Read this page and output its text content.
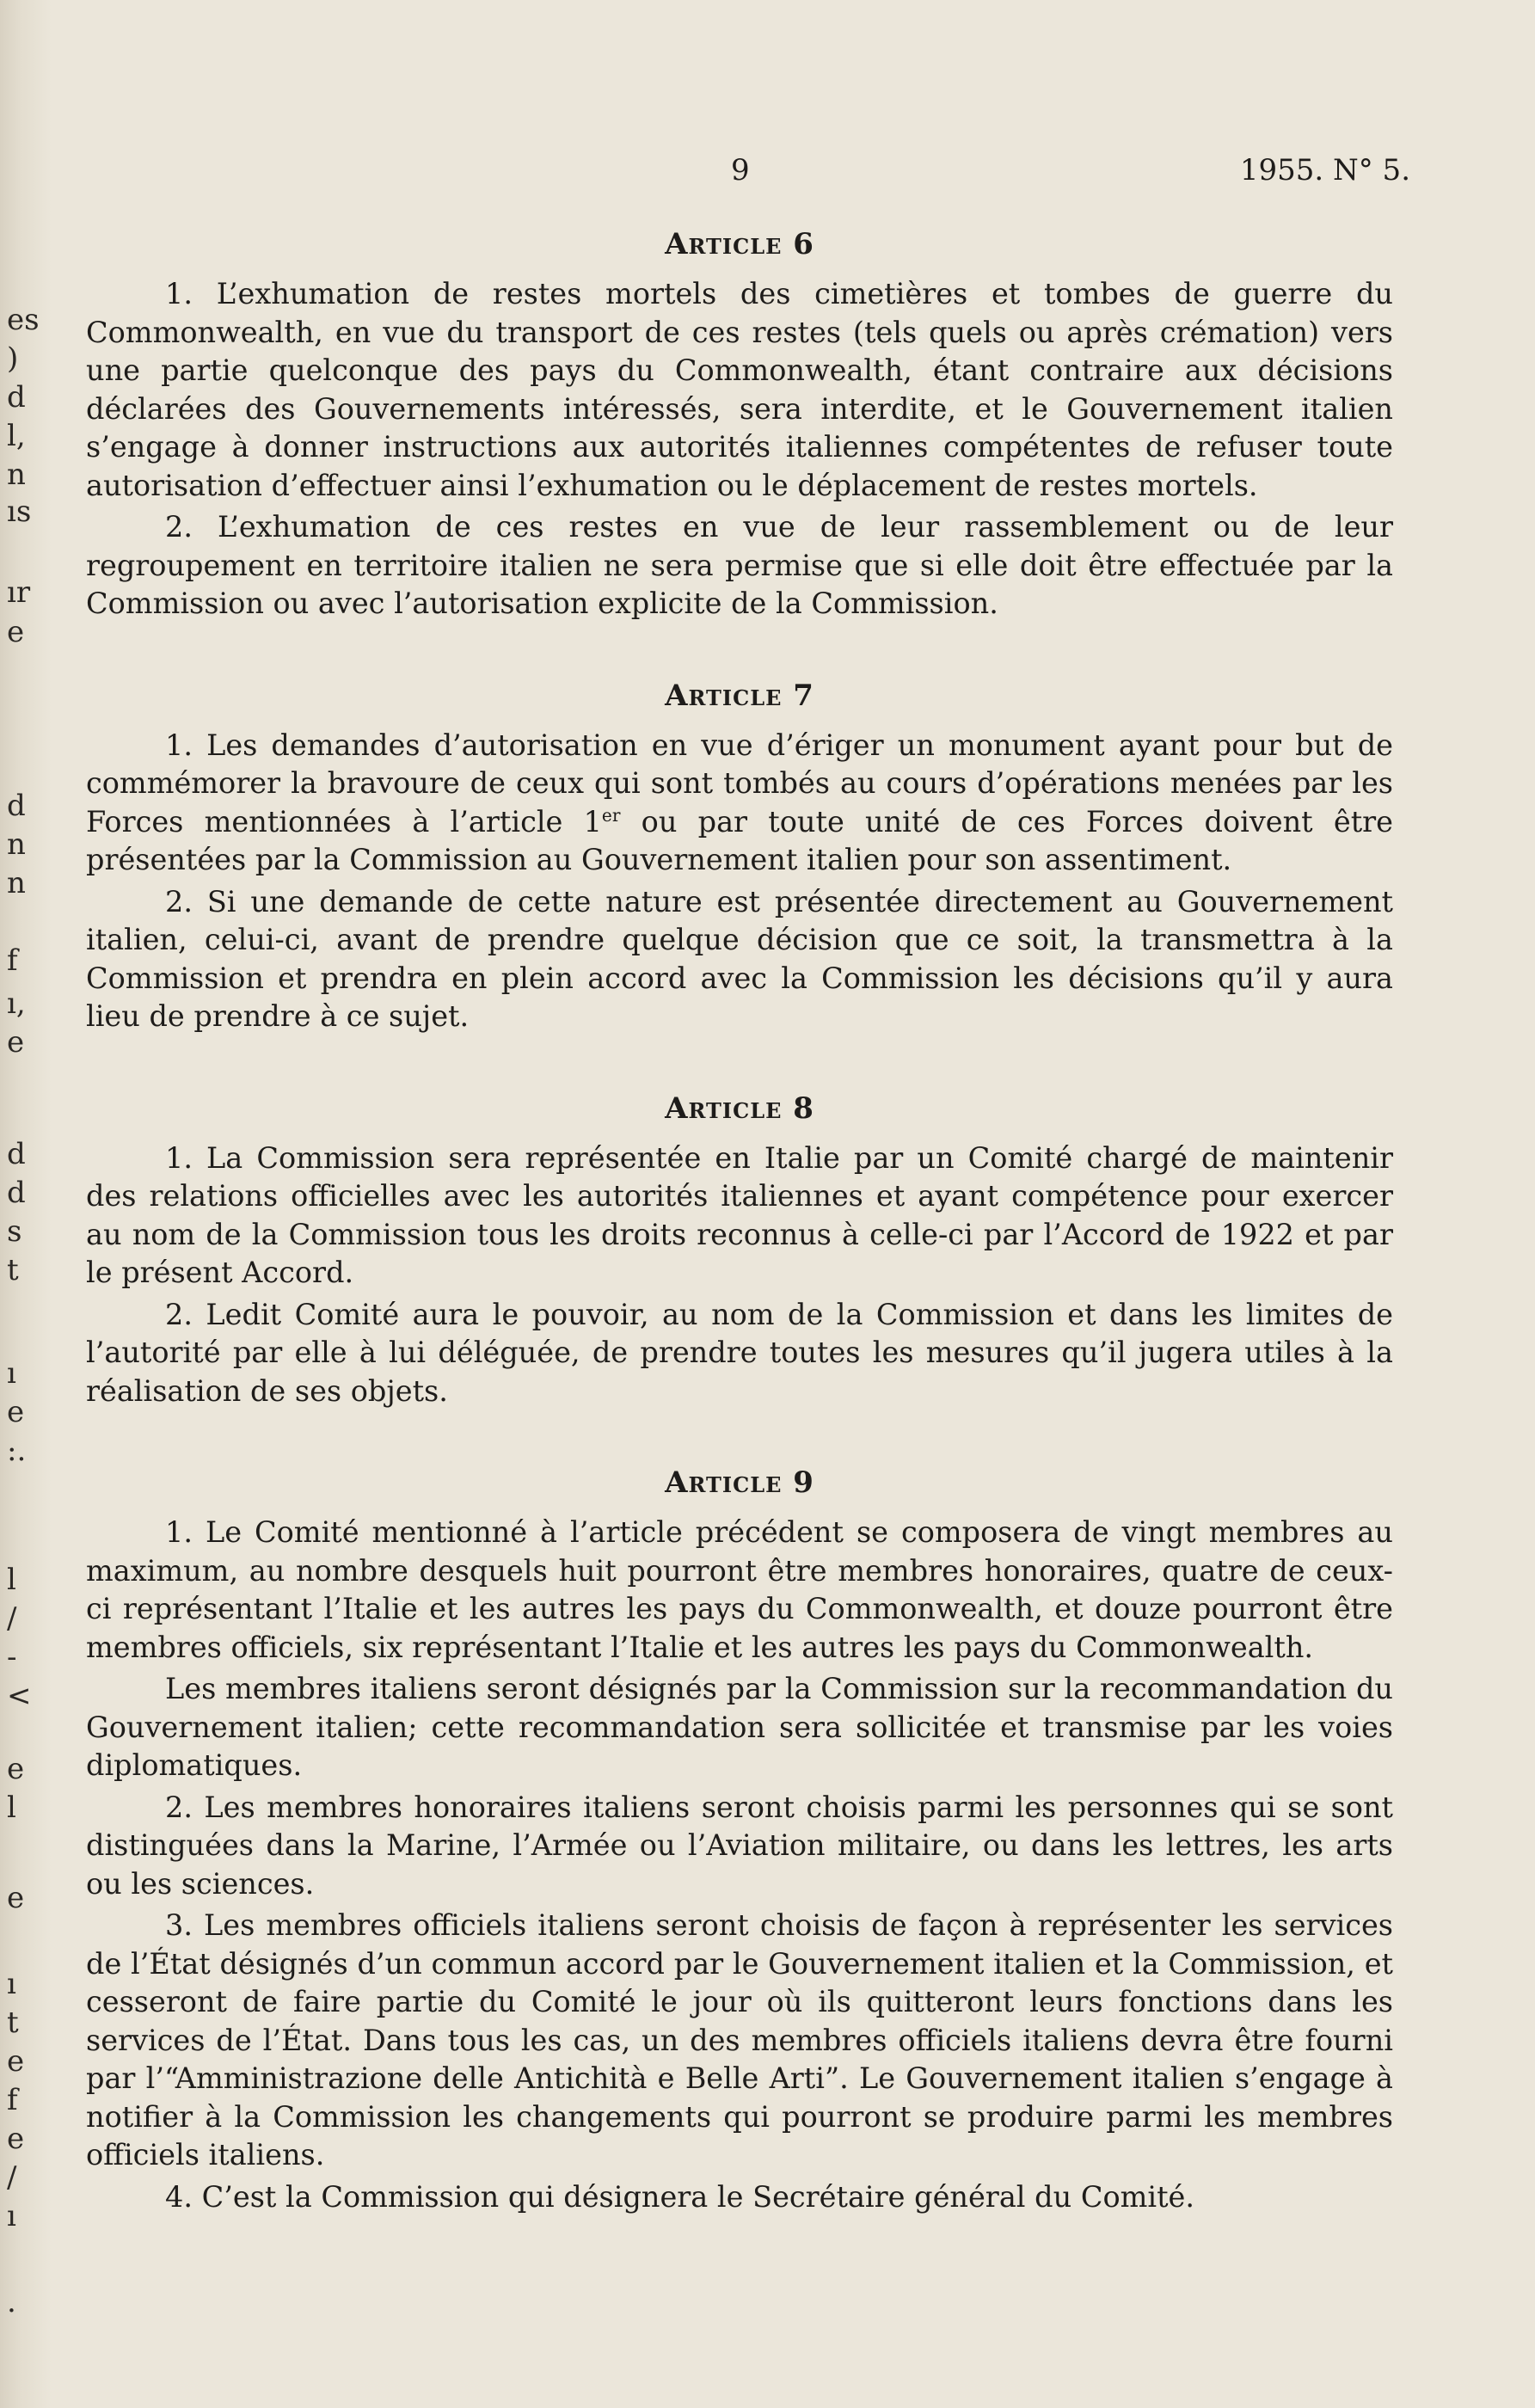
es
)
d
l,
n
ıs
ır
e
d
n
n
f
ı,
e
d
d
s
t
ı
e
:.
l
/
-
<
e
l
e
ı
t
e
f
e
/
ı
.
9	1955. N° 5.
Article 6

1. L’exhumation de restes mortels des cimetières et tombes de guerre du Commonwealth, en vue du transport de ces restes (tels quels ou après crémation) vers une partie quelconque des pays du Commonwealth, étant contraire aux décisions déclarées des Gouvernements intéressés, sera interdite, et le Gouvernement italien s’engage à donner instructions aux autorités italiennes compétentes de refuser toute autorisation d’effectuer ainsi l’exhumation ou le déplacement de restes mortels.

2. L’exhumation de ces restes en vue de leur rassemblement ou de leur regroupement en territoire italien ne sera permise que si elle doit être effectuée par la Commission ou avec l’autorisation explicite de la Commission.

Article 7

1. Les demandes d’autorisation en vue d’ériger un monument ayant pour but de commémorer la bravoure de ceux qui sont tombés au cours d’opérations menées par les Forces mentionnées à l’article 1er ou par toute unité de ces Forces doivent être présentées par la Commission au Gouvernement italien pour son assentiment.

2. Si une demande de cette nature est présentée directement au Gouvernement italien, celui-ci, avant de prendre quelque décision que ce soit, la transmettra à la Commission et prendra en plein accord avec la Commission les décisions qu’il y aura lieu de prendre à ce sujet.

Article 8

1. La Commission sera représentée en Italie par un Comité chargé de maintenir des relations officielles avec les autorités italiennes et ayant compétence pour exercer au nom de la Commission tous les droits reconnus à celle-ci par l’Accord de 1922 et par le présent Accord.

2. Ledit Comité aura le pouvoir, au nom de la Commission et dans les limites de l’autorité par elle à lui déléguée, de prendre toutes les mesures qu’il jugera utiles à la réalisation de ses objets.

Article 9

1. Le Comité mentionné à l’article précédent se composera de vingt membres au maximum, au nombre desquels huit pourront être membres honoraires, quatre de ceux-ci représentant l’Italie et les autres les pays du Commonwealth, et douze pourront être membres officiels, six représentant l’Italie et les autres les pays du Commonwealth.

Les membres italiens seront désignés par la Commission sur la recommandation du Gouvernement italien; cette recommandation sera sollicitée et transmise par les voies diplomatiques.

2. Les membres honoraires italiens seront choisis parmi les personnes qui se sont distinguées dans la Marine, l’Armée ou l’Aviation militaire, ou dans les lettres, les arts ou les sciences.

3. Les membres officiels italiens seront choisis de façon à représenter les services de l’État désignés d’un commun accord par le Gouvernement italien et la Commission, et cesseront de faire partie du Comité le jour où ils quitteront leurs fonctions dans les services de l’État. Dans tous les cas, un des membres officiels italiens devra être fourni par l’“Amministrazione delle Antichità e Belle Arti”. Le Gouvernement italien s’engage à notifier à la Commission les changements qui pourront se produire parmi les membres officiels italiens.

4. C’est la Commission qui désignera le Secrétaire général du Comité.
